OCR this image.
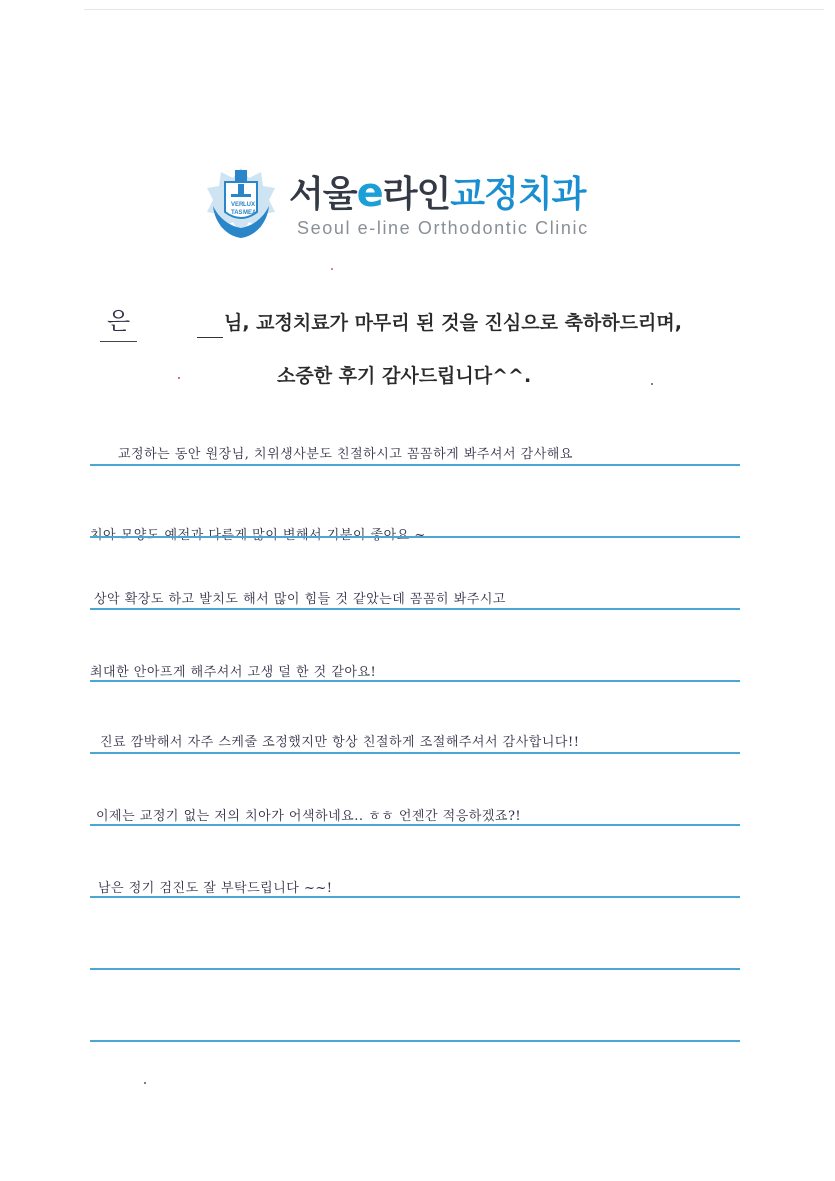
VER LUX
TAS MEA 서울e라인교정치과
Seoul e-line Orthodontic Clinic
은	님, 교정치료가 마무리 된 것을 진심으로 축하하드리며,
소중한 후기 감사드립니다^^.
교정하는 동안 원장님, 치위생사분도 친절하시고 꼼꼼하게 봐주셔서 감사해요
상악 확장도 하고 발치도 해서 많이 힘들 것 같았는데 꼼꼼히 봐주시고
최대한 안아프게 해주셔서 고생 덜 한 것 같아요!
진료 깜박해서 자주 스케줄 조정했지만 항상 친절하게 조절해주셔서 감사합니다!!
이제는 교정기 없는 저의 치아가 어색하네요.. ㅎㅎ 언젠간 적응하겠죠?!
남은 정기 검진도 잘 부탁드립니다 ~~!
